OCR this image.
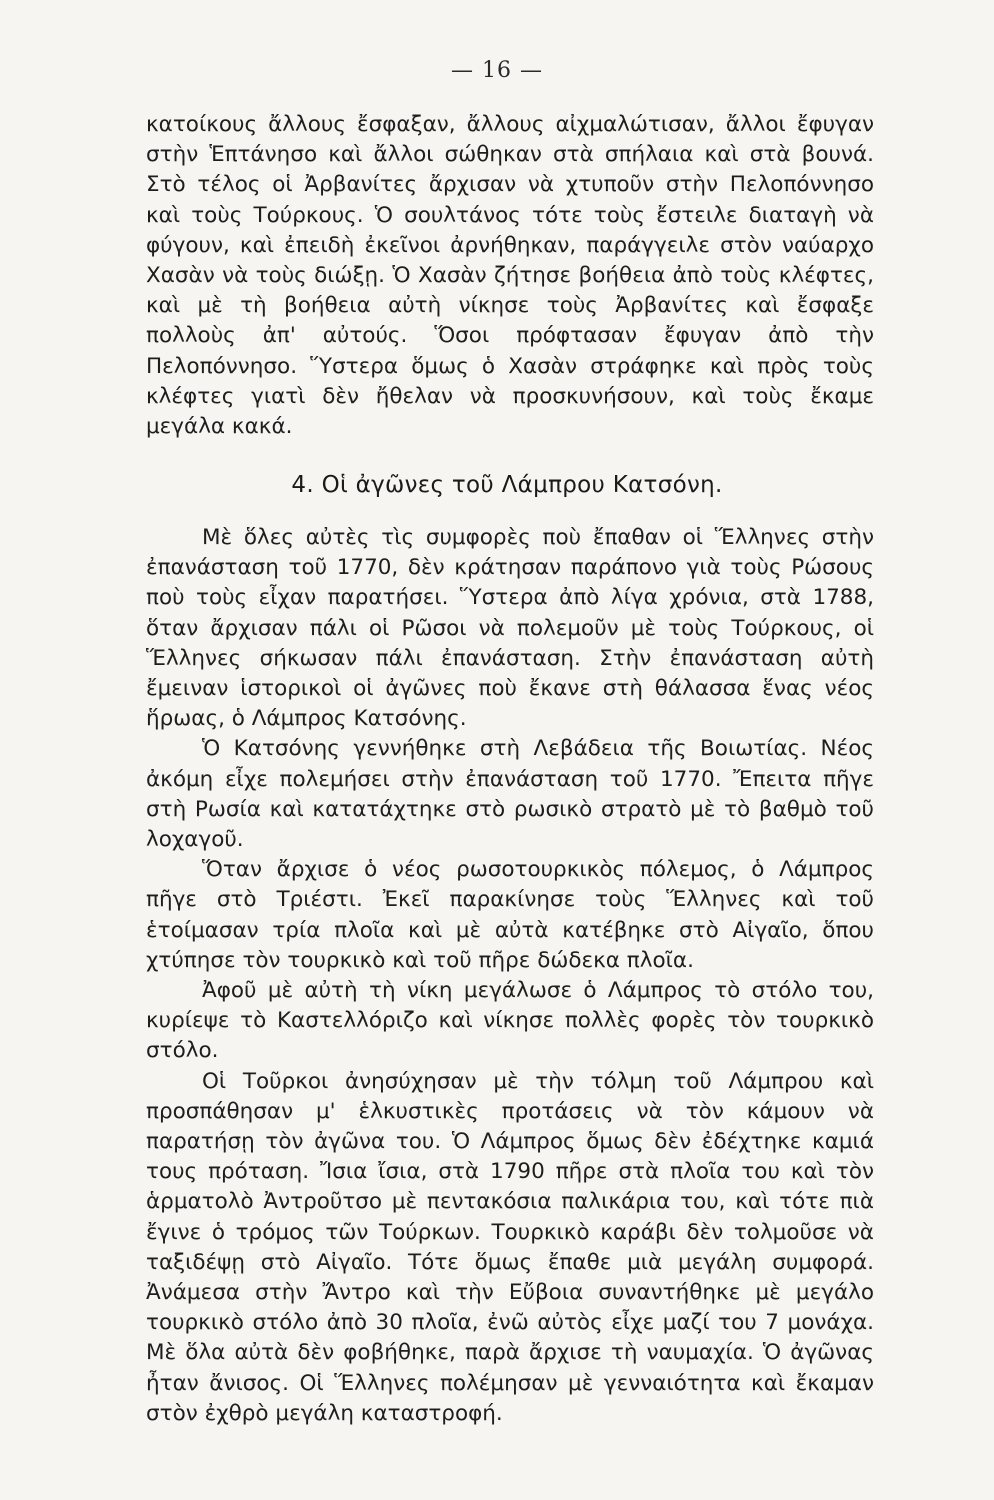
— 16 —

κατοίκους ἄλλους ἔσφαξαν, ἄλλους αἰχμαλώτισαν, ἄλλοι ἔφυγαν στὴν Ἑπτάνησο καὶ ἄλλοι σώθηκαν στὰ σπήλαια καὶ στὰ βουνά. Στὸ τέλος οἱ Ἀρβανίτες ἄρχισαν νὰ χτυποῦν στὴν Πελοπόννησο καὶ τοὺς Τούρκους. Ὁ σουλτάνος τότε τοὺς ἔστειλε διαταγὴ νὰ φύγουν, καὶ ἐπειδὴ ἐκεῖνοι ἀρνήθηκαν, παράγγειλε στὸν ναύαρχο Χασὰν νὰ τοὺς διώξῃ. Ὁ Χασὰν ζήτησε βοήθεια ἀπὸ τοὺς κλέφτες, καὶ μὲ τὴ βοήθεια αὐτὴ νίκησε τοὺς Ἀρβανίτες καὶ ἔσφαξε πολλοὺς ἀπ' αὐτούς. Ὅσοι πρόφτασαν ἔφυγαν ἀπὸ τὴν Πελοπόννησο. Ὕστερα ὅμως ὁ Χασὰν στράφηκε καὶ πρὸς τοὺς κλέφτες γιατὶ δὲν ἤθελαν νὰ προσκυνήσουν, καὶ τοὺς ἔκαμε μεγάλα κακά.

4. Οἱ ἀγῶνες τοῦ Λάμπρου Κατσόνη.

Μὲ ὅλες αὐτὲς τὶς συμφορὲς ποὺ ἔπαθαν οἱ Ἕλληνες στὴν ἐπανάσταση τοῦ 1770, δὲν κράτησαν παράπονο γιὰ τοὺς Ρώσους ποὺ τοὺς εἶχαν παρατήσει. Ὕστερα ἀπὸ λίγα χρόνια, στὰ 1788, ὅταν ἄρχισαν πάλι οἱ Ρῶσοι νὰ πολεμοῦν μὲ τοὺς Τούρκους, οἱ Ἕλληνες σήκωσαν πάλι ἐπανάσταση. Στὴν ἐπανάσταση αὐτὴ ἔμειναν ἱστορικοὶ οἱ ἀγῶνες ποὺ ἔκανε στὴ θάλασσα ἕνας νέος ἥρωας, ὁ Λάμπρος Κατσόνης.

Ὁ Κατσόνης γεννήθηκε στὴ Λεβάδεια τῆς Βοιωτίας. Νέος ἀκόμη εἶχε πολεμήσει στὴν ἐπανάσταση τοῦ 1770. Ἔπειτα πῆγε στὴ Ρωσία καὶ κατατάχτηκε στὸ ρωσικὸ στρατὸ μὲ τὸ βαθμὸ τοῦ λοχαγοῦ.

Ὅταν ἄρχισε ὁ νέος ρωσοτουρκικὸς πόλεμος, ὁ Λάμπρος πῆγε στὸ Τριέστι. Ἐκεῖ παρακίνησε τοὺς Ἕλληνες καὶ τοῦ ἑτοίμασαν τρία πλοῖα καὶ μὲ αὐτὰ κατέβηκε στὸ Αἰγαῖο, ὅπου χτύπησε τὸν τουρκικὸ καὶ τοῦ πῆρε δώδεκα πλοῖα.

Ἀφοῦ μὲ αὐτὴ τὴ νίκη μεγάλωσε ὁ Λάμπρος τὸ στόλο του, κυρίεψε τὸ Καστελλόριζο καὶ νίκησε πολλὲς φορὲς τὸν τουρκικὸ στόλο.

Οἱ Τοῦρκοι ἀνησύχησαν μὲ τὴν τόλμη τοῦ Λάμπρου καὶ προσπάθησαν μ' ἑλκυστικὲς προτάσεις νὰ τὸν κάμουν νὰ παρατήσῃ τὸν ἀγῶνα του. Ὁ Λάμπρος ὅμως δὲν ἐδέχτηκε καμιά τους πρόταση. Ἴσια ἴσια, στὰ 1790 πῆρε στὰ πλοῖα του καὶ τὸν ἁρματολὸ Ἀντροῦτσο μὲ πεντακόσια παλικάρια του, καὶ τότε πιὰ ἔγινε ὁ τρόμος τῶν Τούρκων. Τουρκικὸ καράβι δὲν τολμοῦσε νὰ ταξιδέψῃ στὸ Αἰγαῖο. Τότε ὅμως ἔπαθε μιὰ μεγάλη συμφορά. Ἀνάμεσα στὴν Ἄντρο καὶ τὴν Εὔβοια συναντήθηκε μὲ μεγάλο τουρκικὸ στόλο ἀπὸ 30 πλοῖα, ἐνῶ αὐτὸς εἶχε μαζί του 7 μονάχα. Μὲ ὅλα αὐτὰ δὲν φοβήθηκε, παρὰ ἄρχισε τὴ ναυμαχία. Ὁ ἀγῶνας ἦταν ἄνισος. Οἱ Ἕλληνες πολέμησαν μὲ γενναιότητα καὶ ἔκαμαν στὸν ἐχθρὸ μεγάλη καταστροφή.
